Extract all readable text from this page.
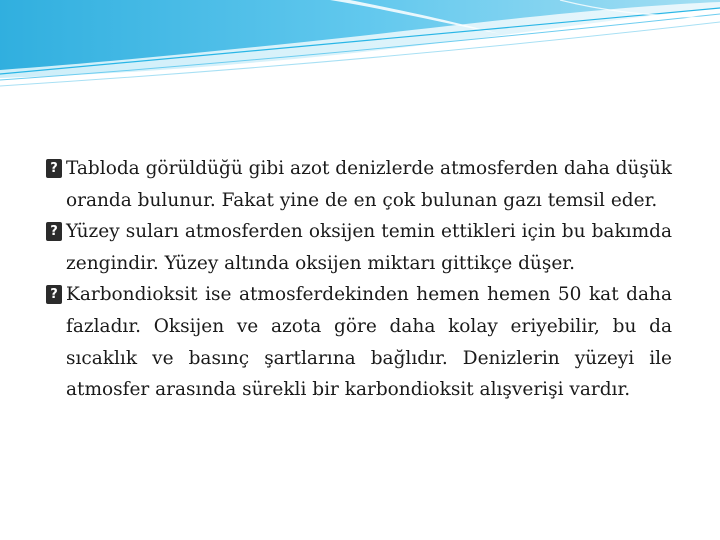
?
Tabloda görüldüğü gibi azot denizlerde atmosferden daha düşük oranda bulunur. Fakat yine de en çok bulunan gazı temsil eder.

?
Yüzey suları atmosferden oksijen temin ettikleri için bu bakımda zengindir. Yüzey altında oksijen miktarı gittikçe düşer.

?
Karbondioksit ise atmosferdekinden hemen hemen 50 kat daha fazladır. Oksijen ve azota göre daha kolay eriyebilir, bu da sıcaklık ve basınç şartlarına bağlıdır. Denizlerin yüzeyi ile atmosfer arasında sürekli bir karbondioksit alışverişi vardır.
